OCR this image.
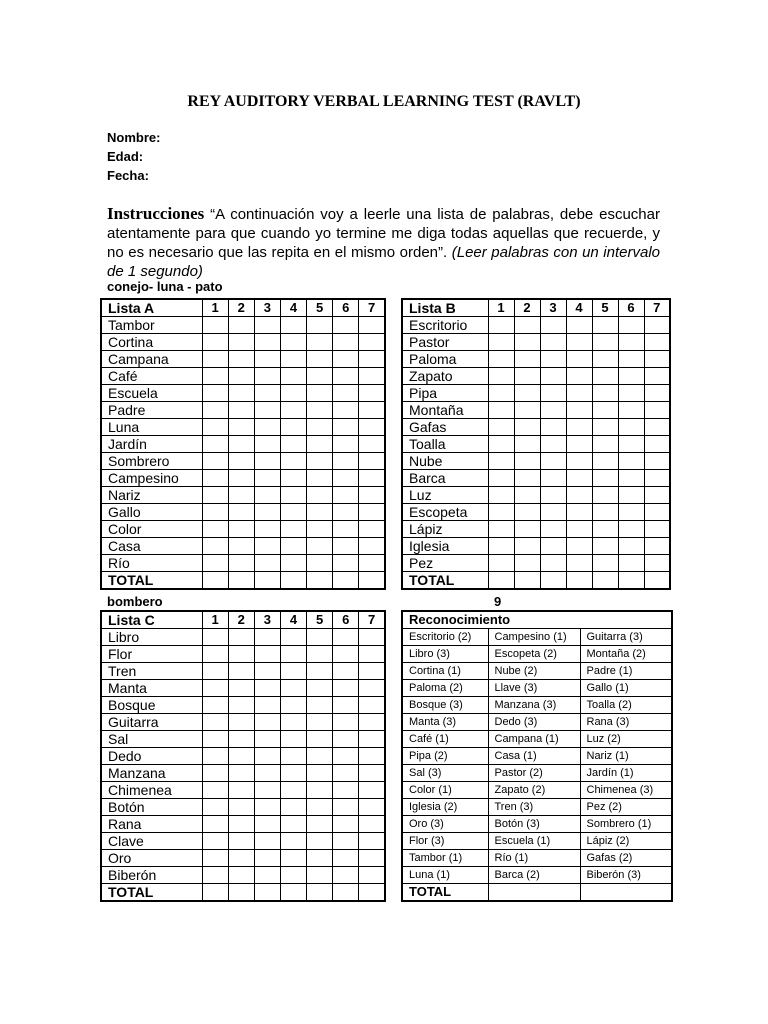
REY AUDITORY VERBAL LEARNING TEST (RAVLT)
Nombre:
Edad:
Fecha:
Instrucciones “A continuación voy a leerle una lista de palabras, debe escuchar atentamente para que cuando yo termine me diga todas aquellas que recuerde, y no es necesario que las repita en el mismo orden”. (Leer palabras con un intervalo de 1 segundo)
conejo- luna - pato
bombero	9
Lista A	1	2	3	4	5	6	7
Tambor							
Cortina							
Campana							
Café							
Escuela							
Padre							
Luna							
Jardín							
Sombrero							
Campesino							
Nariz							
Gallo							
Color							
Casa							
Río							
TOTAL							
Lista B	1	2	3	4	5	6	7
Escritorio							
Pastor							
Paloma							
Zapato							
Pipa							
Montaña							
Gafas							
Toalla							
Nube							
Barca							
Luz							
Escopeta							
Lápiz							
Iglesia							
Pez							
TOTAL							
Lista C	1	2	3	4	5	6	7
Libro							
Flor							
Tren							
Manta							
Bosque							
Guitarra							
Sal							
Dedo							
Manzana							
Chimenea							
Botón							
Rana							
Clave							
Oro							
Biberón							
TOTAL							
Reconocimiento		
Escritorio (2)	Campesino (1)	Guitarra (3)
Libro (3)	Escopeta (2)	Montaña (2)
Cortina (1)	Nube (2)	Padre (1)
Paloma (2)	Llave (3)	Gallo (1)
Bosque (3)	Manzana (3)	Toalla (2)
Manta (3)	Dedo (3)	Rana (3)
Café (1)	Campana (1)	Luz (2)
Pipa (2)	Casa (1)	Nariz (1)
Sal (3)	Pastor (2)	Jardín (1)
Color (1)	Zapato (2)	Chimenea (3)
Iglesia (2)	Tren (3)	Pez (2)
Oro (3)	Botón (3)	Sombrero (1)
Flor (3)	Escuela (1)	Lápiz (2)
Tambor (1)	Río (1)	Gafas (2)
Luna (1)	Barca (2)	Biberón (3)
TOTAL		
